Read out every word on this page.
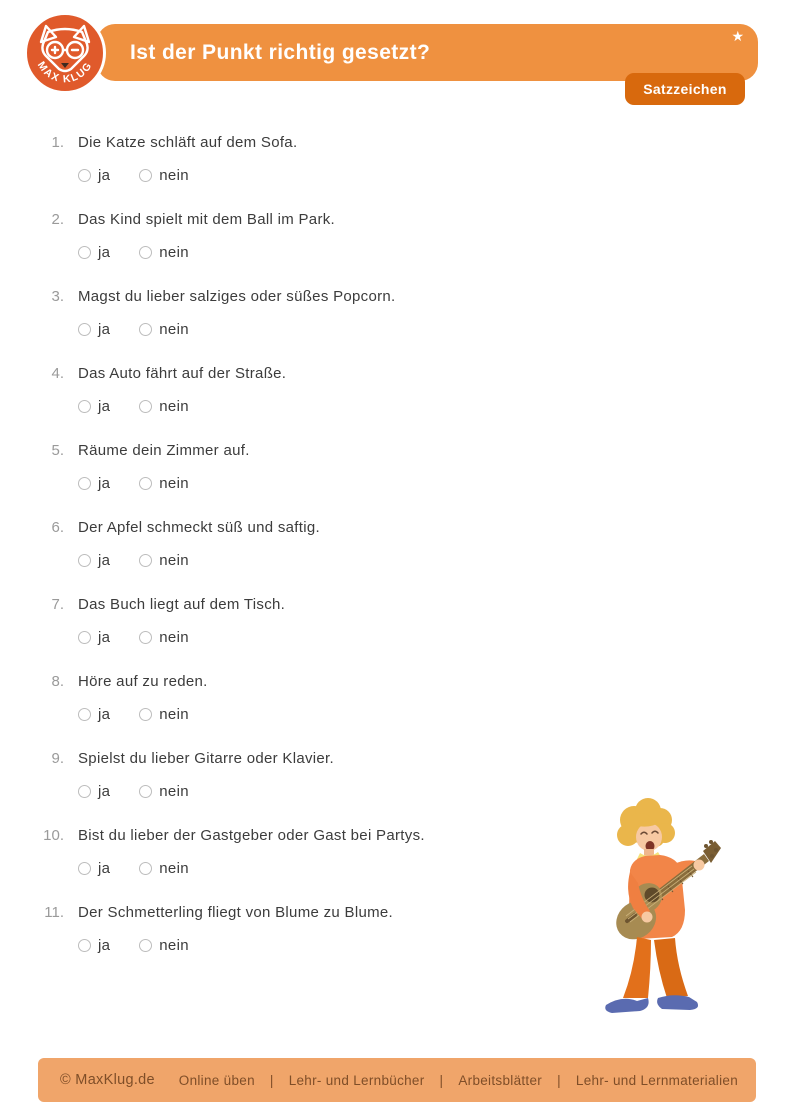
Ist der Punkt richtig gesetzt?
★
MAX KLUG
Satzzeichen
1. Die Katze schläft auf dem Sofa.
ja	nein
2. Das Kind spielt mit dem Ball im Park.
ja	nein
3. Magst du lieber salziges oder süßes Popcorn.
ja	nein
4. Das Auto fährt auf der Straße.
ja	nein
5. Räume dein Zimmer auf.
ja	nein
6. Der Apfel schmeckt süß und saftig.
ja	nein
7. Das Buch liegt auf dem Tisch.
ja	nein
8. Höre auf zu reden.
ja	nein
9. Spielst du lieber Gitarre oder Klavier.
ja	nein
10. Bist du lieber der Gastgeber oder Gast bei Partys.
ja	nein
11. Der Schmetterling fliegt von Blume zu Blume.
ja	nein
© MaxKlug.de Online üben | Lehr- und Lernbücher | Arbeitsblätter | Lehr- und Lernmaterialien
